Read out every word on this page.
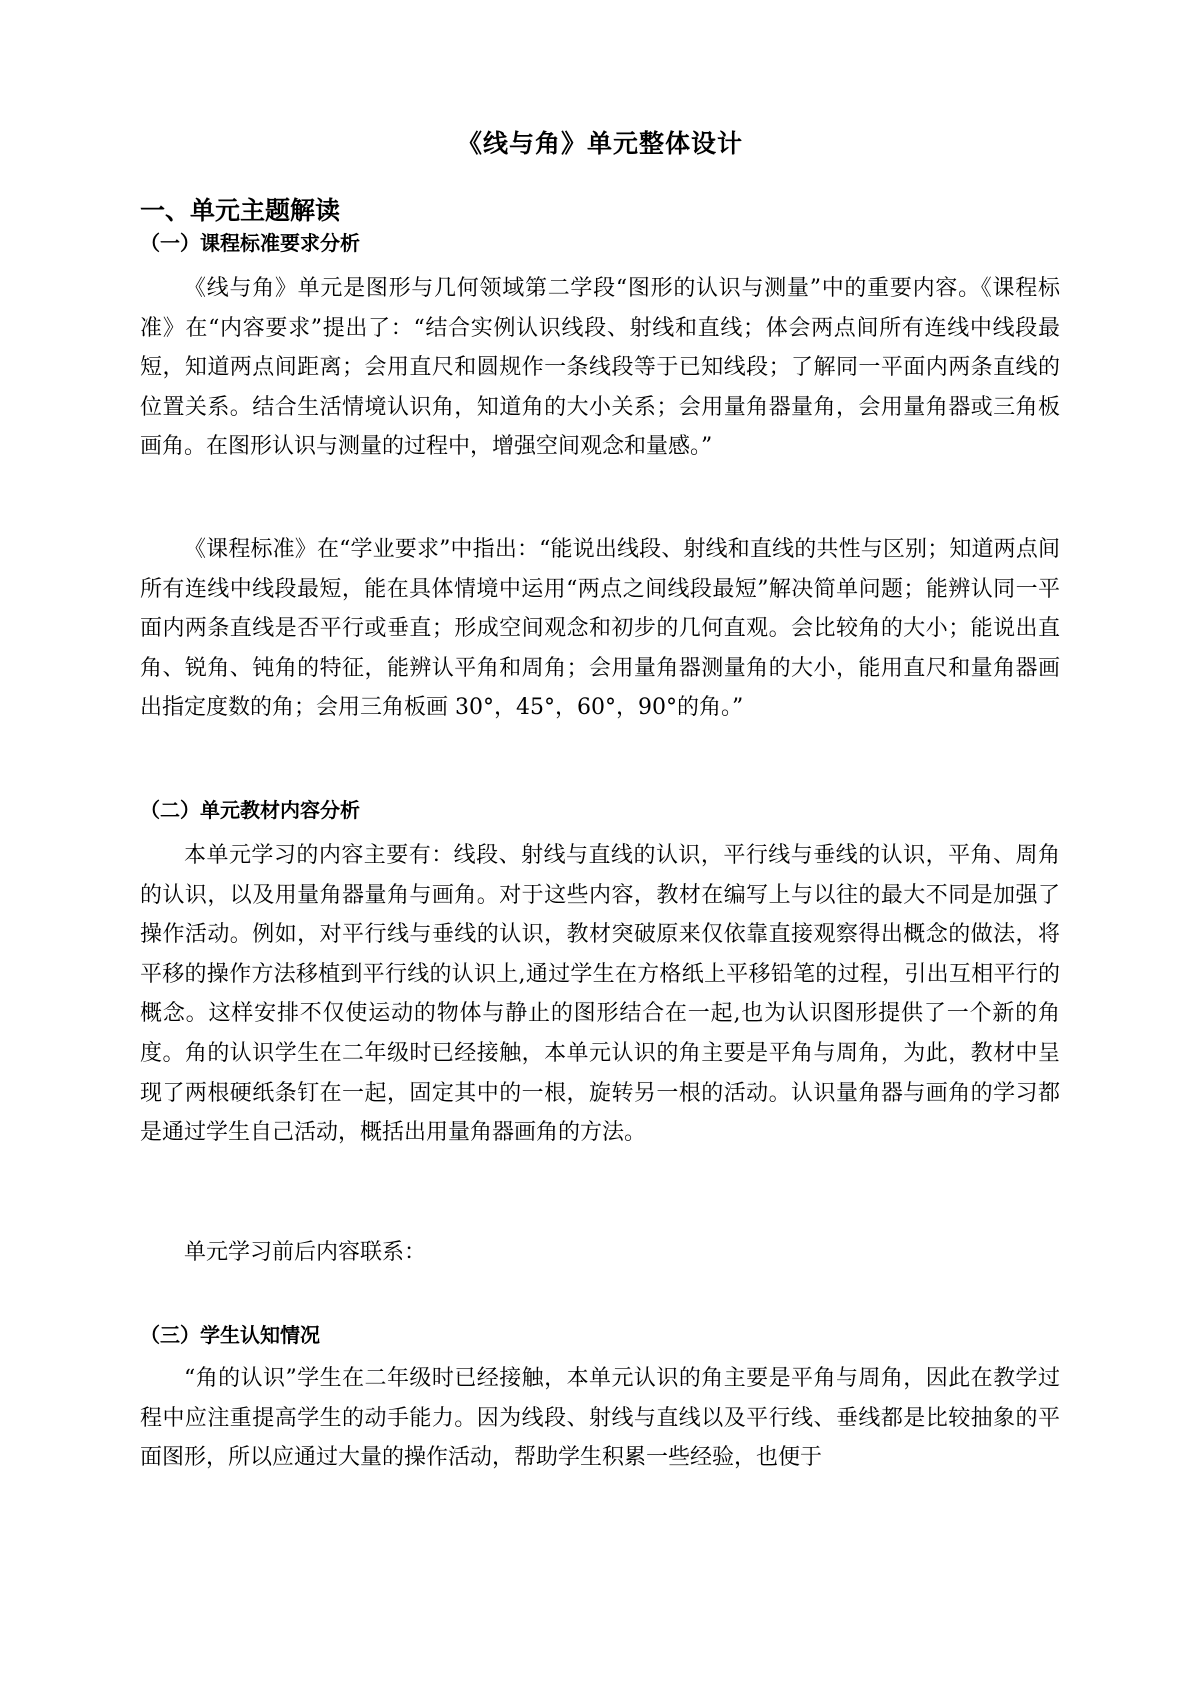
《线与角》单元整体设计
一、单元主题解读
（一）课程标准要求分析

《线与角》单元是图形与几何领域第二学段“图形的认识与测量”中的重要内容。《课程标准》在“内容要求”提出了：“结合实例认识线段、射线和直线；体会两点间所有连线中线段最短，知道两点间距离；会用直尺和圆规作一条线段等于已知线段；了解同一平面内两条直线的位置关系。结合生活情境认识角，知道角的大小关系；会用量角器量角，会用量角器或三角板画角。在图形认识与测量的过程中，增强空间观念和量感。”

《课程标准》在“学业要求”中指出：“能说出线段、射线和直线的共性与区别；知道两点间所有连线中线段最短，能在具体情境中运用“两点之间线段最短”解决简单问题；能辨认同一平面内两条直线是否平行或垂直；形成空间观念和初步的几何直观。会比较角的大小；能说出直角、锐角、钝角的特征，能辨认平角和周角；会用量角器测量角的大小，能用直尺和量角器画出指定度数的角；会用三角板画 30°，45°，60°，90°的角。”

（二）单元教材内容分析

本单元学习的内容主要有：线段、射线与直线的认识，平行线与垂线的认识，平角、周角的认识，以及用量角器量角与画角。对于这些内容，教材在编写上与以往的最大不同是加强了操作活动。例如，对平行线与垂线的认识，教材突破原来仅依靠直接观察得出概念的做法，将平移的操作方法移植到平行线的认识上,通过学生在方格纸上平移铅笔的过程，引出互相平行的概念。这样安排不仅使运动的物体与静止的图形结合在一起,也为认识图形提供了一个新的角度。角的认识学生在二年级时已经接触，本单元认识的角主要是平角与周角，为此，教材中呈现了两根硬纸条钉在一起，固定其中的一根，旋转另一根的活动。认识量角器与画角的学习都是通过学生自己活动，概括出用量角器画角的方法。

单元学习前后内容联系：

（三）学生认知情况

“角的认识”学生在二年级时已经接触，本单元认识的角主要是平角与周角，因此在教学过程中应注重提高学生的动手能力。因为线段、射线与直线以及平行线、垂线都是比较抽象的平面图形，所以应通过大量的操作活动，帮助学生积累一些经验，也便于
